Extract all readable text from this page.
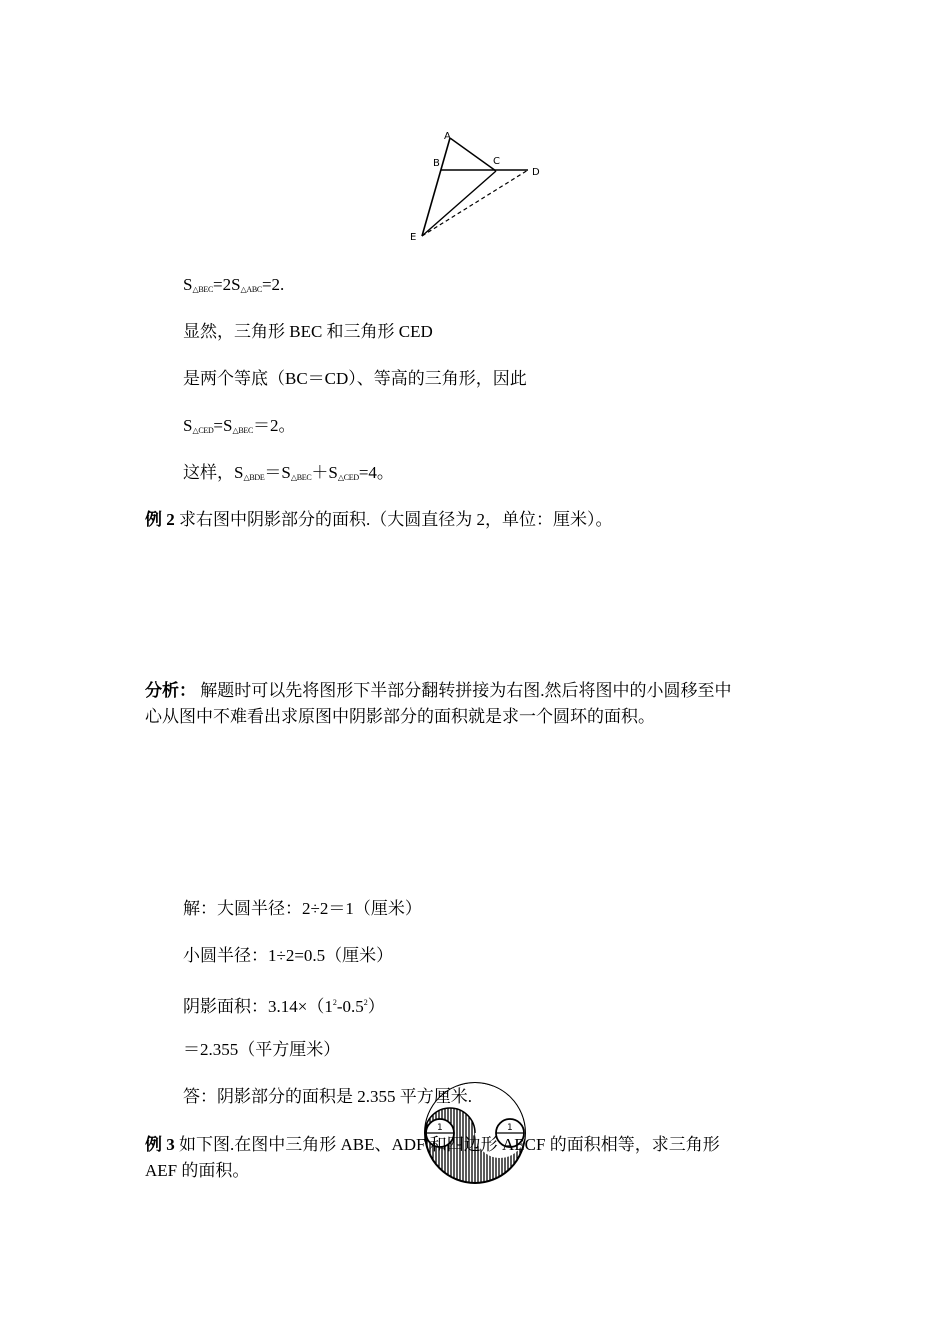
A
B	C
D
E
$S_{\triangle BEC}=2S_{\triangle ABC}=2$.
显然，三角形 BEC 和三角形 CED
是两个等底（BC＝CD）、等高的三角形，因此
$S_{\triangle CED}=S_{\triangle BEC}=2$。
这样，$S_{\triangle BDE}=S_{\triangle BEC}+S_{\triangle CED}=4$。
例 2 求右图中阴影部分的面积.（大圆直径为 2，单位：厘米）。
1	1
分析： 解题时可以先将图形下半部分翻转拼接为右图.然后将图中的小圆移至中
心从图中不难看出求原图中阴影部分的面积就是求一个圆环的面积。
解：大圆半径：2÷2＝1（厘米）
小圆半径：1÷2=0.5（厘米）
阴影面积：$3.14\times(1^2-0.5^2)$
＝2.355（平方厘米）
答：阴影部分的面积是 2.355 平方厘米.
例 3 如下图.在图中三角形 ABE、ADF 和四边形 AECF 的面积相等，求三角形
AEF 的面积。
